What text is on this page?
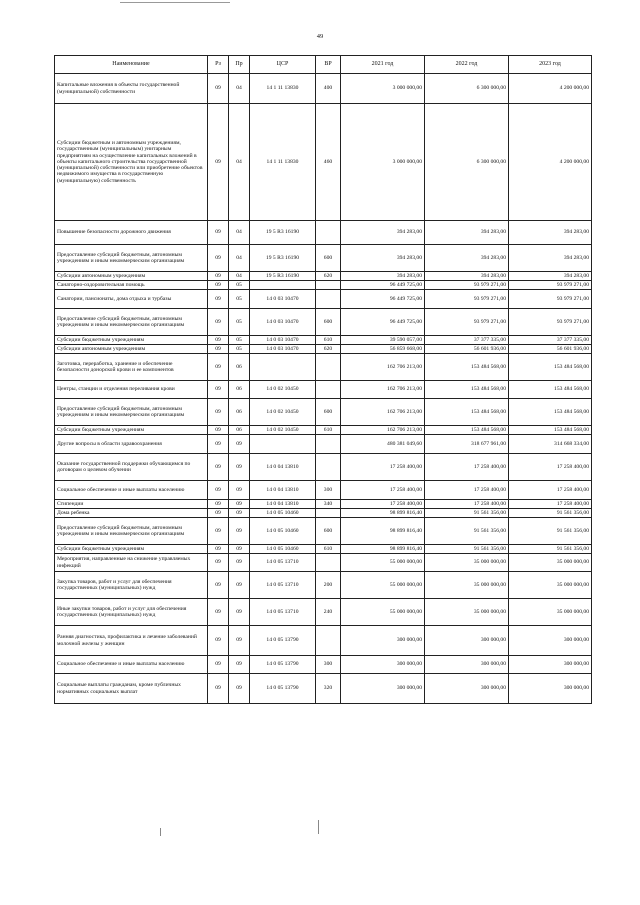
49
Наименование	Рз	Пр	ЦСР	ВР	2021 год	2022 год	2023 год
Капитальные вложения в объекты государственной (муниципальной) собственности	09	04	14 1 11 13830	400	3 000 000,00	6 300 000,00	4 200 000,00
Субсидии бюджетным и автономным учреждениям, государственным (муниципальным) унитарным предприятиям на осуществление капитальных вложений в объекты капитального строительства государственной (муниципальной) собственности или приобретение объектов недвижимого имущества в государственную (муниципальную) собственность	09	04	14 1 11 13830	460	3 000 000,00	6 300 000,00	4 200 000,00
Повышение безопасности дорожного движения	09	04	19 5 R3 16190		394 283,00	394 283,00	394 283,00
Предоставление субсидий бюджетным, автономным учреждениям и иным некоммерческим организациям	09	04	19 5 R3 16190	600	394 283,00	394 283,00	394 283,00
Субсидии автономным учреждениям	09	04	19 5 R3 16190	620	394 283,00	394 283,00	394 283,00
Санаторно-оздоровительная помощь	09	05			96 449 725,00	93 979 271,00	93 979 271,00
Санатории, пансионаты, дома отдыха и турбазы	09	05	14 0 03 10470		96 449 725,00	93 979 271,00	93 979 271,00
Предоставление субсидий бюджетным, автономным учреждениям и иным некоммерческим организациям	09	05	14 0 03 10470	600	96 449 725,00	93 979 271,00	93 979 271,00
Субсидии бюджетным учреждениям	09	05	14 0 03 10470	610	39 590 057,00	37 377 335,00	37 377 335,00
Субсидии автономным учреждениям	09	05	14 0 03 10470	620	56 859 668,00	56 601 936,00	56 601 936,00
Заготовка, переработка, хранение и обеспечение безопасности донорской крови и ее компонентов	09	06			162 706 213,00	153 484 568,00	153 484 568,00
Центры, станции и отделения переливания крови	09	06	14 0 02 10450		162 706 213,00	153 484 568,00	153 484 568,00
Предоставление субсидий бюджетным, автономным учреждениям и иным некоммерческим организациям	09	06	14 0 02 10450	600	162 706 213,00	153 484 568,00	153 484 568,00
Субсидии бюджетным учреждениям	09	06	14 0 02 10450	610	162 706 213,00	153 484 568,00	153 484 568,00
Другие вопросы в области здравоохранения	09	09			480 381 049,60	318 677 961,00	314 668 334,00
Оказание государственной поддержки обучающимся по договорам о целевом обучении	09	09	14 0 04 13810		17 258 400,00	17 258 400,00	17 258 400,00
Социальное обеспечение и иные выплаты населению	09	09	14 0 04 13810	300	17 258 400,00	17 258 400,00	17 258 400,00
Стипендии	09	09	14 0 04 13810	340	17 258 400,00	17 258 400,00	17 258 400,00
Дома ребенка	09	09	14 0 05 10460		98 899 816,40	91 561 356,00	91 561 356,00
Предоставление субсидий бюджетным, автономным учреждениям и иным некоммерческим организациям	09	09	14 0 05 10460	600	98 899 816,40	91 561 356,00	91 561 356,00
Субсидии бюджетным учреждениям	09	09	14 0 05 10460	610	98 899 816,40	91 561 356,00	91 561 356,00
Мероприятия, направленные на снижение управляемых инфекций	09	09	14 0 05 13710		55 000 000,00	35 000 000,00	35 000 000,00
Закупка товаров, работ и услуг для обеспечения государственных (муниципальных) нужд	09	09	14 0 05 13710	200	55 000 000,00	35 000 000,00	35 000 000,00
Иные закупки товаров, работ и услуг для обеспечения государственных (муниципальных) нужд	09	09	14 0 05 13710	240	55 000 000,00	35 000 000,00	35 000 000,00
Ранняя диагностика, профилактика и лечение заболеваний молочной железы у женщин	09	09	14 0 05 13790		300 000,00	300 000,00	300 000,00
Социальное обеспечение и иные выплаты населению	09	09	14 0 05 13790	300	300 000,00	300 000,00	300 000,00
Социальные выплаты гражданам, кроме публичных нормативных социальных выплат	09	09	14 0 05 13790	320	300 000,00	300 000,00	300 000,00
